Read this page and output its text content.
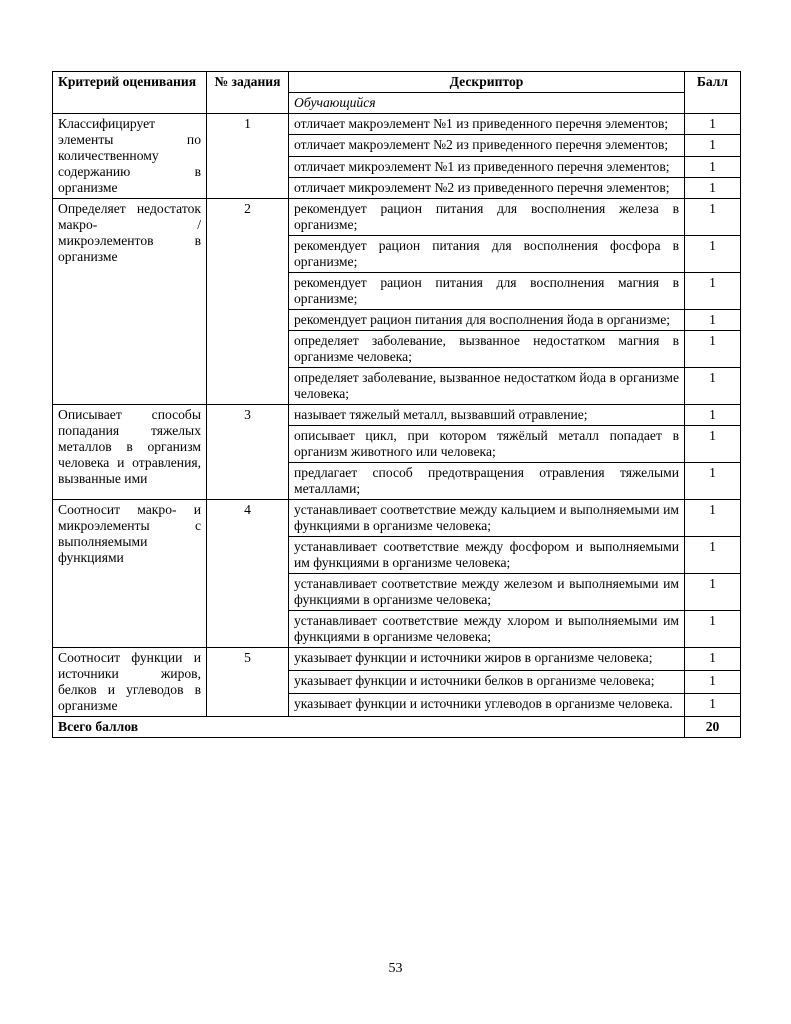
Критерий оценивания	№ задания	Дескриптор	Балл
		Обучающийся	
Классифицирует элементы по количественному содержанию в организме	1	отличает макроэлемент №1 из приведенного перечня элементов;	1
		отличает макроэлемент №2 из приведенного перечня элементов;	1
		отличает микроэлемент №1 из приведенного перечня элементов;	1
		отличает микроэлемент №2 из приведенного перечня элементов;	1
Определяет недостаток макро- / микроэлементов в организме	2	рекомендует рацион питания для восполнения железа в организме;	1
		рекомендует рацион питания для восполнения фосфора в организме;	1
		рекомендует рацион питания для восполнения магния в организме;	1
		рекомендует рацион питания для восполнения йода в организме;	1
		определяет заболевание, вызванное недостатком магния в организме человека;	1
		определяет заболевание, вызванное недостатком йода в организме человека;	1
Описывает способы попадания тяжелых металлов в организм человека и отравления, вызванные ими	3	называет тяжелый металл, вызвавший отравление;	1
		описывает цикл, при котором тяжёлый металл попадает в организм животного или человека;	1
		предлагает способ предотвращения отравления тяжелыми металлами;	1
Соотносит макро- и микроэлементы с выполняемыми функциями	4	устанавливает соответствие между кальцием и выполняемыми им функциями в организме человека;	1
		устанавливает соответствие между фосфором и выполняемыми им функциями в организме человека;	1
		устанавливает соответствие между железом и выполняемыми им функциями в организме человека;	1
		устанавливает соответствие между хлором и выполняемыми им функциями в организме человека;	1
Соотносит функции и источники жиров, белков и углеводов в организме	5	указывает функции и источники жиров в организме человека;	1
		указывает функции и источники белков в организме человека;	1
		указывает функции и источники углеводов в организме человека.	1
Всего баллов			20
53
